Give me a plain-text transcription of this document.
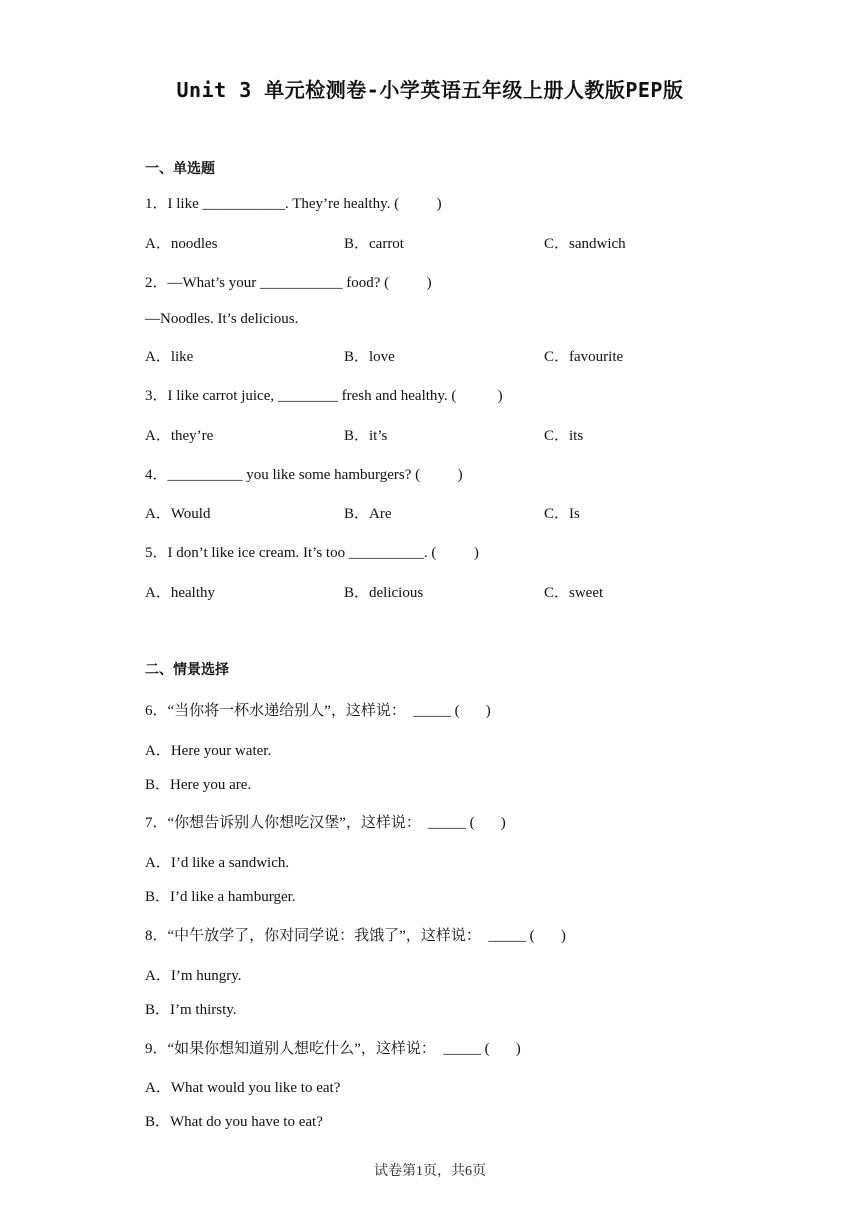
Unit 3 单元检测卷-小学英语五年级上册人教版PEP版
一、单选题
1．I like ___________. They’re healthy. (          )
A．noodles	B．carrot	C．sandwich
2．—What’s your ___________ food? (          )
—Noodles. It’s delicious.
A．like	B．love	C．favourite
3．I like carrot juice, ________ fresh and healthy. (           )
A．they’re	B．it’s	C．its
4．__________ you like some hamburgers? (          )
A．Would	B．Are	C．Is
5．I don’t like ice cream. It’s too __________. (          )
A．healthy	B．delicious	C．sweet
二、情景选择
6．“当你将一杯水递给别人”，这样说：  _____ (       )
A．Here your water.
B．Here you are.
7．“你想告诉别人你想吃汉堡”，这样说：  _____ (       )
A．I’d like a sandwich.
B．I’d like a hamburger.
8．“中午放学了，你对同学说：我饿了”，这样说：  _____ (       )
A．I’m hungry.
B．I’m thirsty.
9．“如果你想知道别人想吃什么”，这样说：  _____ (       )
A．What would you like to eat?
B．What do you have to eat?
试卷第1页，共6页
